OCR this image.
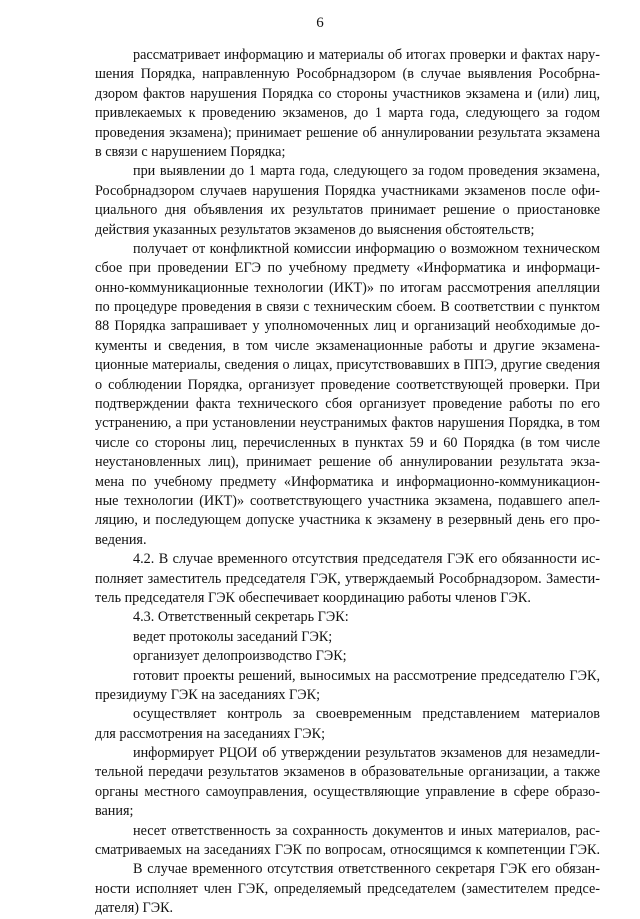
6
рассматривает информацию и материалы об итогах проверки и фактах нару-
шения Порядка, направленную Рособрнадзором (в случае выявления Рособрна-
дзором фактов нарушения Порядка со стороны участников экзамена и (или) лиц,
привлекаемых к проведению экзаменов, до 1 марта года, следующего за годом
проведения экзамена); принимает решение об аннулировании результата экзамена
в связи с нарушением Порядка;
при выявлении до 1 марта года, следующего за годом проведения экзамена,
Рособрнадзором случаев нарушения Порядка участниками экзаменов после офи-
циального дня объявления их результатов принимает решение о приостановке
действия указанных результатов экзаменов до выяснения обстоятельств;
получает от конфликтной комиссии информацию о возможном техническом
сбое при проведении ЕГЭ по учебному предмету «Информатика и информаци-
онно-коммуникационные технологии (ИКТ)» по итогам рассмотрения апелляции
по процедуре проведения в связи с техническим сбоем. В соответствии с пунктом
88 Порядка запрашивает у уполномоченных лиц и организаций необходимые до-
кументы и сведения, в том числе экзаменационные работы и другие экзамена-
ционные материалы, сведения о лицах, присутствовавших в ППЭ, другие сведения
о соблюдении Порядка, организует проведение соответствующей проверки. При
подтверждении факта технического сбоя организует проведение работы по его
устранению, а при установлении неустранимых фактов нарушения Порядка, в том
числе со стороны лиц, перечисленных в пунктах 59 и 60 Порядка (в том числе
неустановленных лиц), принимает решение об аннулировании результата экза-
мена по учебному предмету «Информатика и информационно-коммуникацион-
ные технологии (ИКТ)» соответствующего участника экзамена, подавшего апел-
ляцию, и последующем допуске участника к экзамену в резервный день его про-
ведения.
4.2. В случае временного отсутствия председателя ГЭК его обязанности ис-
полняет заместитель председателя ГЭК, утверждаемый Рособрнадзором. Замести-
тель председателя ГЭК обеспечивает координацию работы членов ГЭК.
4.3. Ответственный секретарь ГЭК:
ведет протоколы заседаний ГЭК;
организует делопроизводство ГЭК;
готовит проекты решений, выносимых на рассмотрение председателю ГЭК,
президиуму ГЭК на заседаниях ГЭК;
осуществляет контроль за своевременным представлением материалов
для рассмотрения на заседаниях ГЭК;
информирует РЦОИ об утверждении результатов экзаменов для незамедли-
тельной передачи результатов экзаменов в образовательные организации, а также
органы местного самоуправления, осуществляющие управление в сфере образо-
вания;
несет ответственность за сохранность документов и иных материалов, рас-
сматриваемых на заседаниях ГЭК по вопросам, относящимся к компетенции ГЭК.
В случае временного отсутствия ответственного секретаря ГЭК его обязан-
ности исполняет член ГЭК, определяемый председателем (заместителем предсе-
дателя) ГЭК.
